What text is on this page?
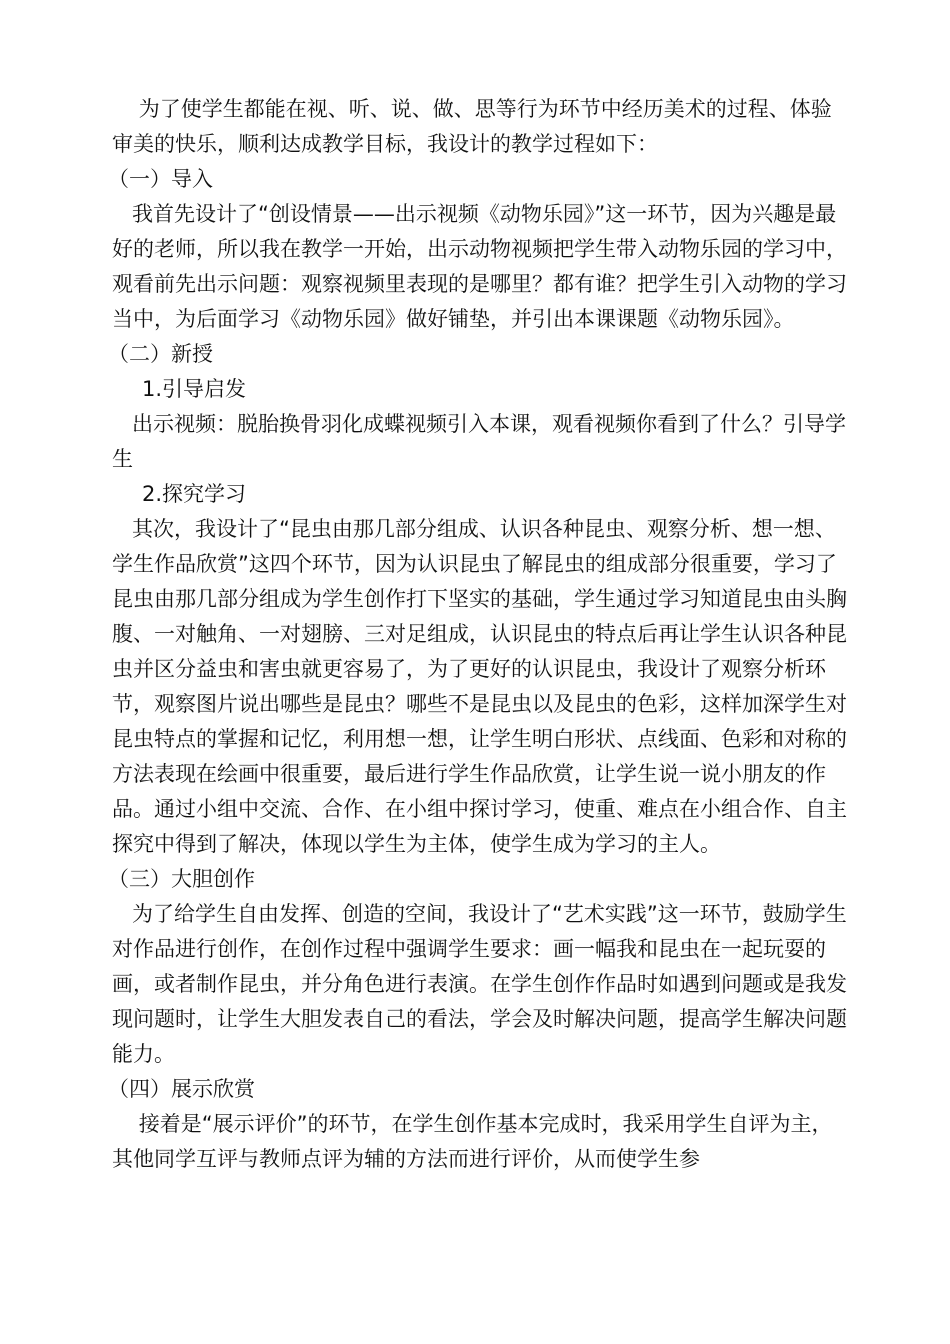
为了使学生都能在视、听、说、做、思等行为环节中经历美术的过程、体验审美的快乐，顺利达成教学目标，我设计的教学过程如下：

（一）导入

我首先设计了“创设情景——出示视频《动物乐园》”这一环节，因为兴趣是最好的老师，所以我在教学一开始，出示动物视频把学生带入动物乐园的学习中，观看前先出示问题：观察视频里表现的是哪里？都有谁？把学生引入动物的学习当中，为后面学习《动物乐园》做好铺垫，并引出本课课题《动物乐园》。

（二）新授

1.引导启发

出示视频：脱胎换骨羽化成蝶视频引入本课，观看视频你看到了什么？引导学生

2.探究学习

其次，我设计了“昆虫由那几部分组成、认识各种昆虫、观察分析、想一想、学生作品欣赏”这四个环节，因为认识昆虫了解昆虫的组成部分很重要，学习了昆虫由那几部分组成为学生创作打下坚实的基础，学生通过学习知道昆虫由头胸腹、一对触角、一对翅膀、三对足组成，认识昆虫的特点后再让学生认识各种昆虫并区分益虫和害虫就更容易了，为了更好的认识昆虫，我设计了观察分析环节，观察图片说出哪些是昆虫？哪些不是昆虫以及昆虫的色彩，这样加深学生对昆虫特点的掌握和记忆，利用想一想，让学生明白形状、点线面、色彩和对称的方法表现在绘画中很重要，最后进行学生作品欣赏，让学生说一说小朋友的作品。通过小组中交流、合作、在小组中探讨学习，使重、难点在小组合作、自主探究中得到了解决，体现以学生为主体，使学生成为学习的主人。

（三）大胆创作

为了给学生自由发挥、创造的空间，我设计了“艺术实践”这一环节，鼓励学生对作品进行创作，在创作过程中强调学生要求：画一幅我和昆虫在一起玩耍的画，或者制作昆虫，并分角色进行表演。在学生创作作品时如遇到问题或是我发现问题时，让学生大胆发表自己的看法，学会及时解决问题，提高学生解决问题能力。

（四）展示欣赏

接着是“展示评价”的环节，在学生创作基本完成时，我采用学生自评为主，其他同学互评与教师点评为辅的方法而进行评价，从而使学生参
